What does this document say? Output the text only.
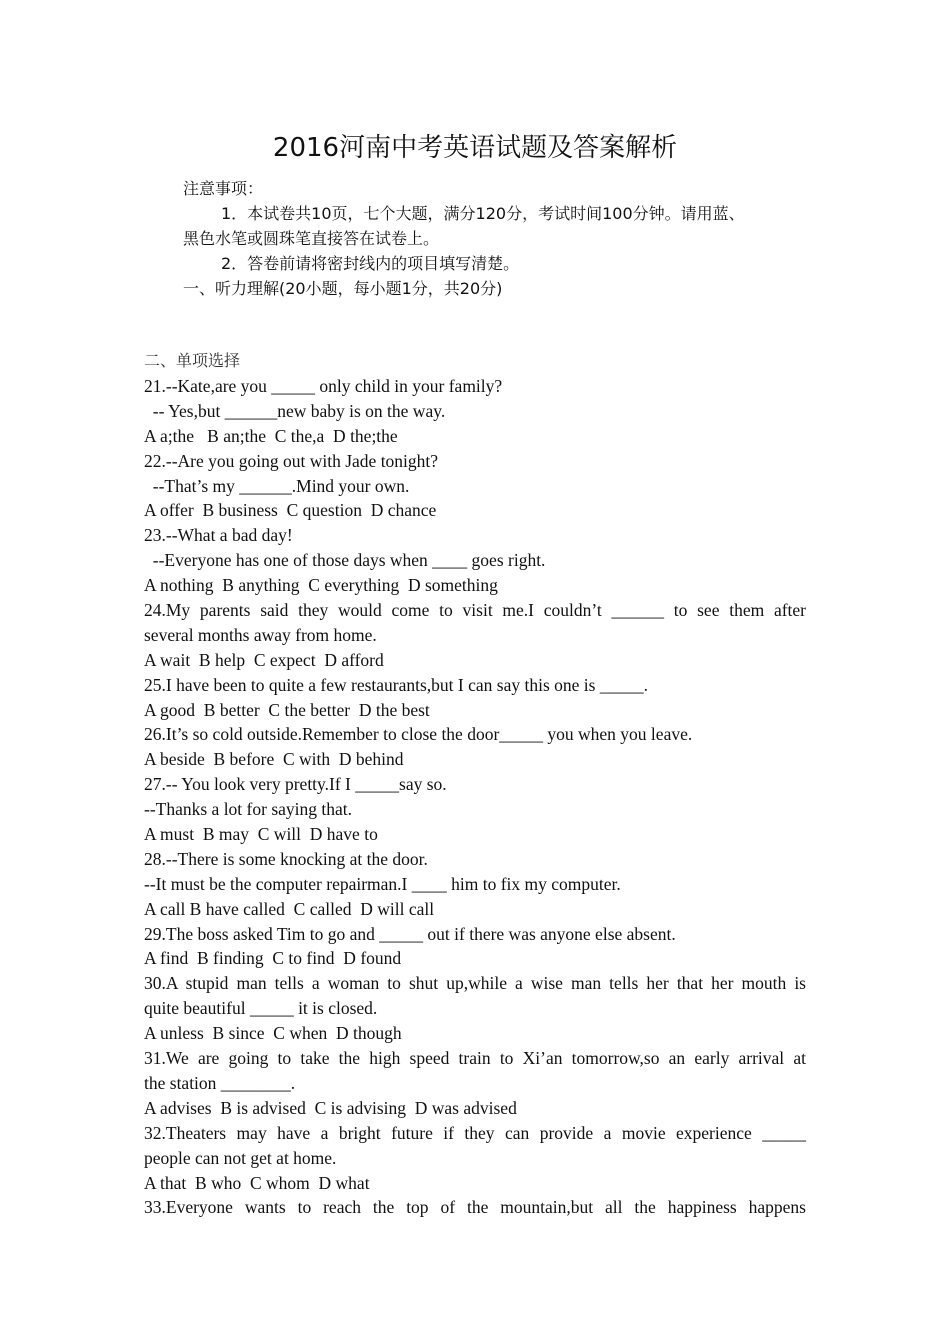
2016河南中考英语试题及答案解析
注意事项：
1．本试卷共10页，七个大题，满分120分，考试时间100分钟。请用蓝、
黑色水笔或圆珠笔直接答在试卷上。
2．答卷前请将密封线内的项目填写清楚。
一、听力理解(20小题，每小题1分，共20分)
二、单项选择
21.--Kate,are you _____ only child in your family?
-- Yes,but ______new baby is on the way.
A a;the   B an;the  C the,a  D the;the
22.--Are you going out with Jade tonight?
--That’s my ______.Mind your own.
A offer  B business  C question  D chance
23.--What a bad day!
--Everyone has one of those days when ____ goes right.
A nothing  B anything  C everything  D something
24.My parents said they would come to visit me.I couldn’t ______ to see them after
several months away from home.
A wait  B help  C expect  D afford
25.I have been to quite a few restaurants,but I can say this one is _____.
A good  B better  C the better  D the best
26.It’s so cold outside.Remember to close the door_____ you when you leave.
A beside  B before  C with  D behind
27.-- You look very pretty.If I _____say so.
--Thanks a lot for saying that.
A must  B may  C will  D have to
28.--There is some knocking at the door.
--It must be the computer repairman.I ____ him to fix my computer.
A call B have called  C called  D will call
29.The boss asked Tim to go and _____ out if there was anyone else absent.
A find  B finding  C to find  D found
30.A stupid man tells a woman to shut up,while a wise man tells her that her mouth is
quite beautiful _____ it is closed.
A unless  B since  C when  D though
31.We are going to take the high speed train to Xi’an tomorrow,so an early arrival at
the station ________.
A advises  B is advised  C is advising  D was advised
32.Theaters may have a bright future if they can provide a movie experience _____
people can not get at home.
A that  B who  C whom  D what
33.Everyone wants to reach the top of the mountain,but all the happiness happens
